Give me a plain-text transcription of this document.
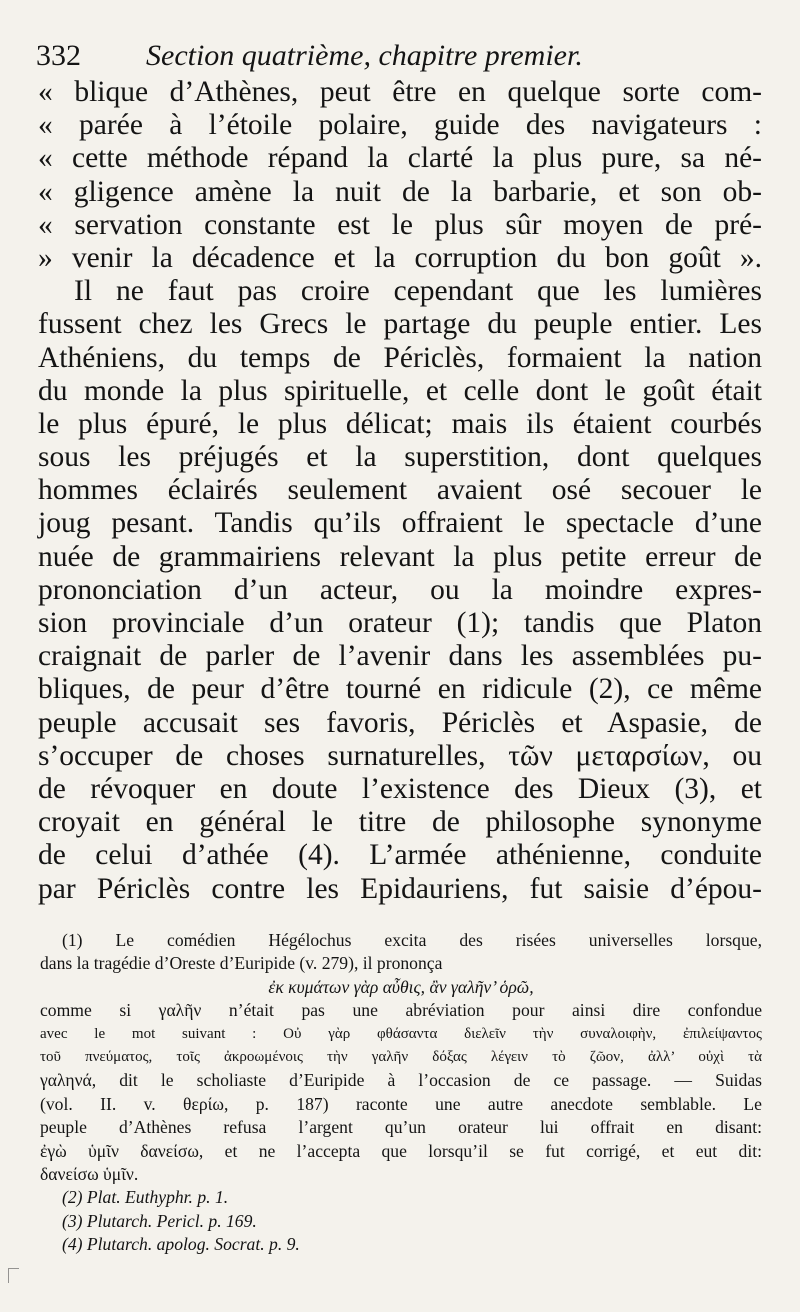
332 Section quatrième, chapitre premier.
« blique d’Athènes, peut être en quelque sorte com-
« parée à l’étoile polaire, guide des navigateurs :
« cette méthode répand la clarté la plus pure, sa né-
« gligence amène la nuit de la barbarie, et son ob-
« servation constante est le plus sûr moyen de pré-
» venir la décadence et la corruption du bon goût ».
Il ne faut pas croire cependant que les lumières
fussent chez les Grecs le partage du peuple entier. Les
Athéniens, du temps de Périclès, formaient la nation
du monde la plus spirituelle, et celle dont le goût était
le plus épuré, le plus délicat; mais ils étaient courbés
sous les préjugés et la superstition, dont quelques
hommes éclairés seulement avaient osé secouer le
joug pesant. Tandis qu’ils offraient le spectacle d’une
nuée de grammairiens relevant la plus petite erreur de
prononciation d’un acteur, ou la moindre expres-
sion provinciale d’un orateur (1); tandis que Platon
craignait de parler de l’avenir dans les assemblées pu-
bliques, de peur d’être tourné en ridicule (2), ce même
peuple accusait ses favoris, Périclès et Aspasie, de
s’occuper de choses surnaturelles, τῶν μεταρσίων, ou
de révoquer en doute l’existence des Dieux (3), et
croyait en général le titre de philosophe synonyme
de celui d’athée (4). L’armée athénienne, conduite
par Périclès contre les Epidauriens, fut saisie d’épou-
(1) Le comédien Hégélochus excita des risées universelles lorsque,
dans la tragédie d’Oreste d’Euripide (v. 279), il prononça
ἐκ κυμάτων γὰρ αὖθις, ἂν γαλῆν’ ὁρῶ,
comme si γαλῆν n’était pas une abréviation pour ainsi dire confondue
avec le mot suivant : Οὐ γὰρ φθάσαντα διελεῖν τὴν συναλοιφὴν, ἐπιλείψαντος
τοῦ πνεύματος, τοῖς ἀκροωμένοις τὴν γαλῆν δόξας λέγειν τὸ ζῶον, ἀλλ’ οὐχὶ τὰ
γαληνά, dit le scholiaste d’Euripide à l’occasion de ce passage. — Suidas
(vol. II. v. θερίω, p. 187) raconte une autre anecdote semblable. Le
peuple d’Athènes refusa l’argent qu’un orateur lui offrait en disant:
ἐγὼ ὑμῖν δανείσω, et ne l’accepta que lorsqu’il se fut corrigé, et eut dit:
δανείσω ὑμῖν.
(2) Plat. Euthyphr. p. 1.
(3) Plutarch. Pericl. p. 169.
(4) Plutarch. apolog. Socrat. p. 9.
